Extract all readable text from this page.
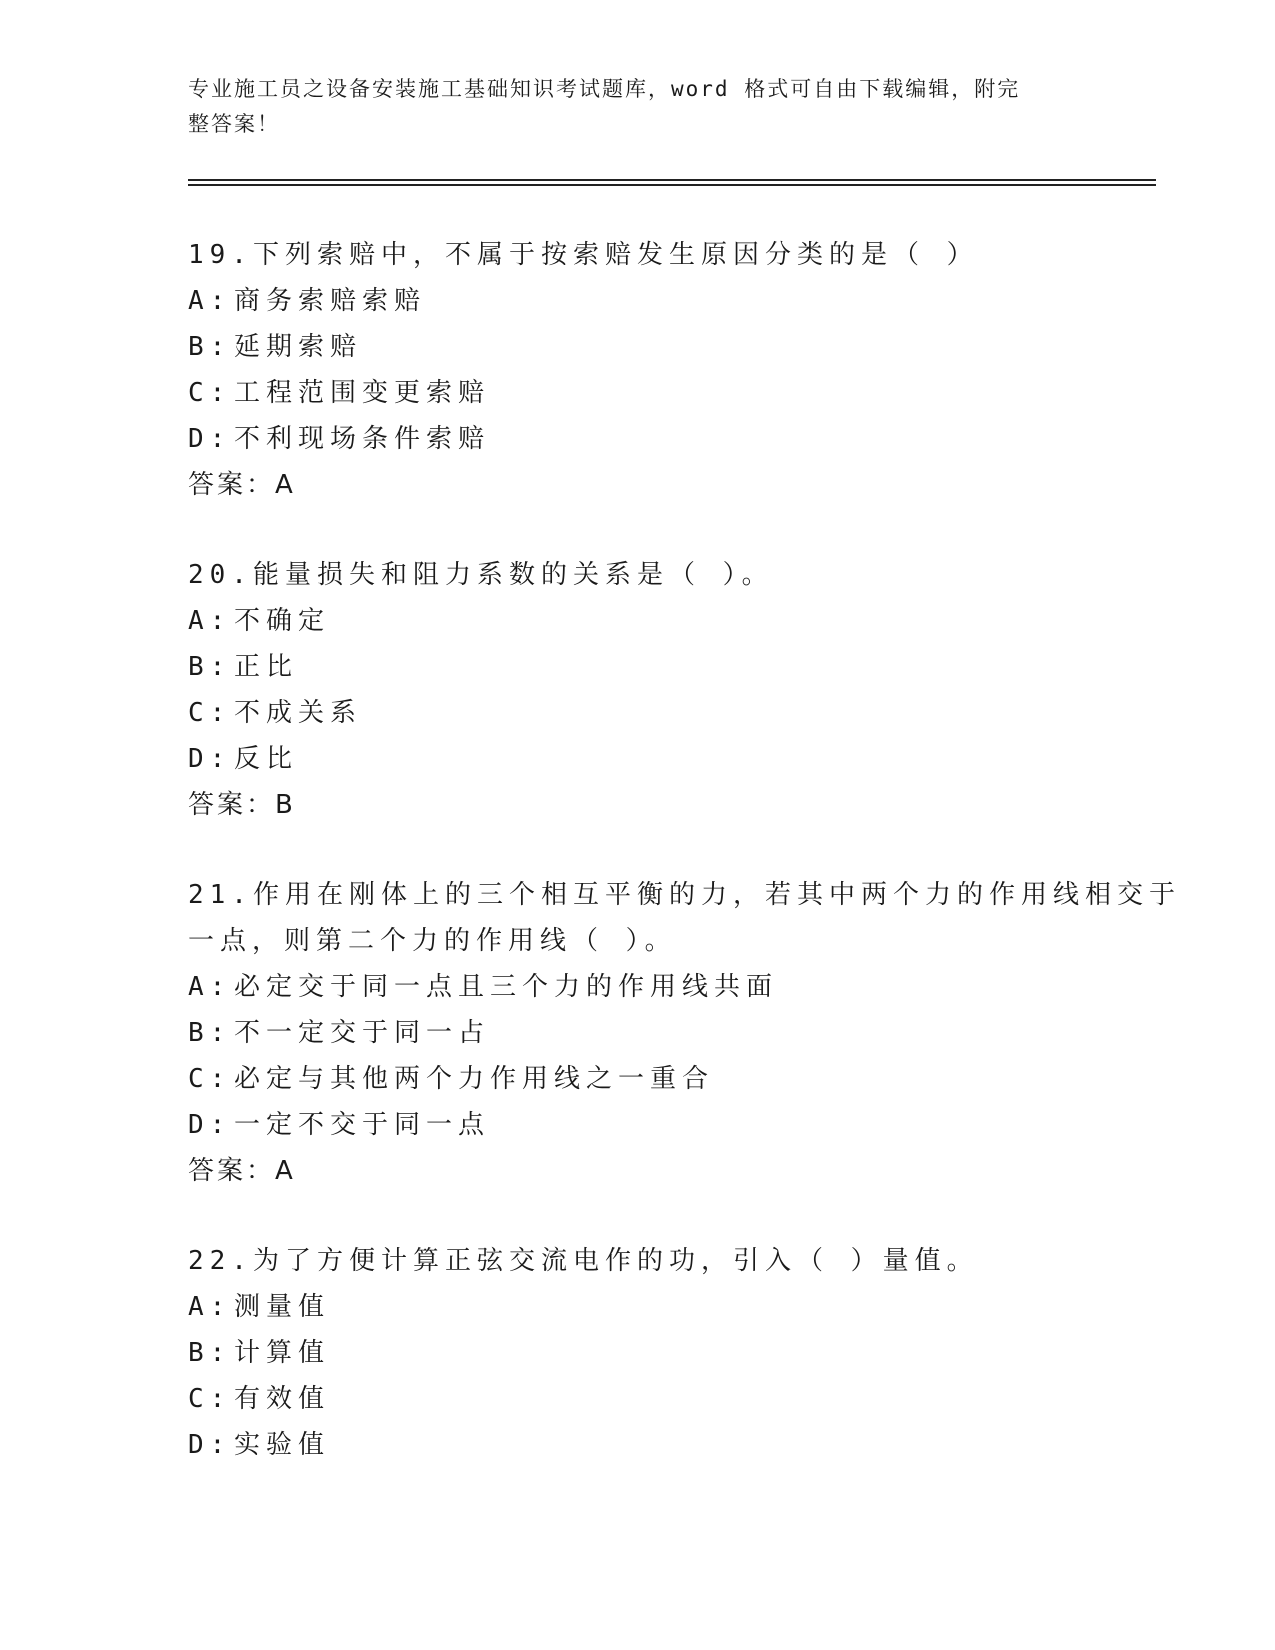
专业施工员之设备安装施工基础知识考试题库，word 格式可自由下载编辑，附完
整答案！
19.下列索赔中，不属于按索赔发生原因分类的是（ ）
A: 商务索赔索赔
B: 延期索赔
C: 工程范围变更索赔
D: 不利现场条件索赔
答案：A
20.能量损失和阻力系数的关系是（ ）。
A: 不确定
B: 正比
C: 不成关系
D: 反比
答案：B
21.作用在刚体上的三个相互平衡的力，若其中两个力的作用线相交于
一点，则第二个力的作用线（ ）。
A: 必定交于同一点且三个力的作用线共面
B: 不一定交于同一占
C: 必定与其他两个力作用线之一重合
D: 一定不交于同一点
答案：A
22.为了方便计算正弦交流电作的功，引入（ ）量值。
A: 测量值
B: 计算值
C: 有效值
D: 实验值
